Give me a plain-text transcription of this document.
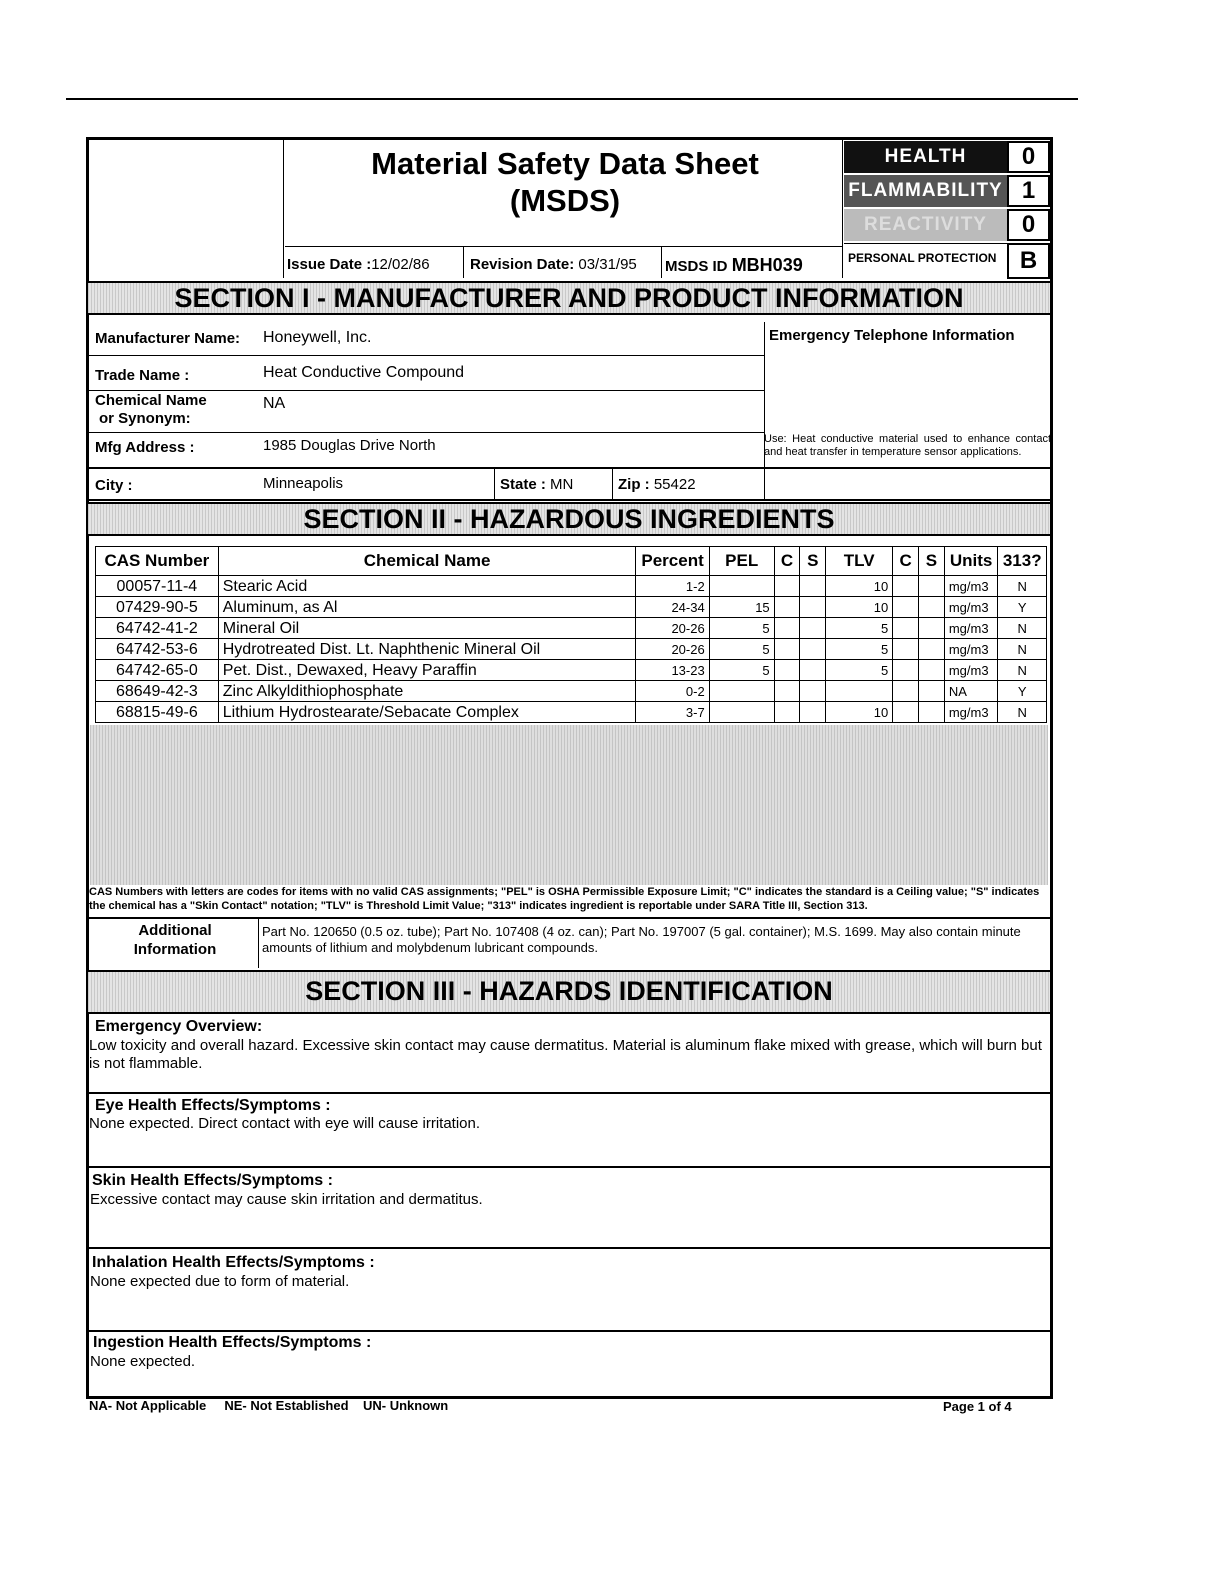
Material Safety Data Sheet
(MSDS)
Issue Date :12/02/86	Revision Date: 03/31/95 MSDS ID MBH039
HEALTH	0
FLAMMABILITY 1
REACTIVITY	0
PERSONAL PROTECTION B
SECTION I - MANUFACTURER AND PRODUCT INFORMATION
Manufacturer Name: Honeywell, Inc.
Trade Name :	Heat Conductive Compound
Chemical Name
or Synonym:
NA
Mfg Address :	1985 Douglas Drive North
City :	Minneapolis	State : MN	Zip : 55422
Emergency Telephone Information
Use: Heat conductive material used to enhance contact and heat transfer in temperature sensor applications.
SECTION II - HAZARDOUS INGREDIENTS
CAS Number	Chemical Name	Percent	PEL	C	S	TLV	C	S	Units	313?
00057-11-4	Stearic Acid	1-2				10			mg/m3	N
07429-90-5	Aluminum, as Al	24-34	15			10			mg/m3	Y
64742-41-2	Mineral Oil	20-26	5			5			mg/m3	N
64742-53-6	Hydrotreated Dist. Lt. Naphthenic Mineral Oil	20-26	5			5			mg/m3	N
64742-65-0	Pet. Dist., Dewaxed, Heavy Paraffin	13-23	5			5			mg/m3	N
68649-42-3	Zinc Alkyldithiophosphate	0-2							NA	Y
68815-49-6	Lithium Hydrostearate/Sebacate Complex	3-7				10			mg/m3	N
CAS Numbers with letters are codes for items with no valid CAS assignments; "PEL" is OSHA Permissible Exposure Limit; "C" indicates the standard is a Ceiling value; "S" indicates the chemical has a "Skin Contact" notation; "TLV" is Threshold Limit Value; "313" indicates ingredient is reportable under SARA Title III, Section 313.
Additional
Information
Part No. 120650 (0.5 oz. tube); Part No. 107408 (4 oz. can); Part No. 197007 (5 gal. container); M.S. 1699. May also contain minute amounts of lithium and molybdenum lubricant compounds.
SECTION III - HAZARDS IDENTIFICATION
Emergency Overview:
Low toxicity and overall hazard. Excessive skin contact may cause dermatitus. Material is aluminum flake mixed with grease, which will burn but is not flammable.
Eye Health Effects/Symptoms :
None expected. Direct contact with eye will cause irritation.
Skin Health Effects/Symptoms :
Excessive contact may cause skin irritation and dermatitus.
Inhalation Health Effects/Symptoms :
None expected due to form of material.
Ingestion Health Effects/Symptoms :
None expected.
NA- Not Applicable NE- Not Established UN- Unknown	Page 1 of 4
